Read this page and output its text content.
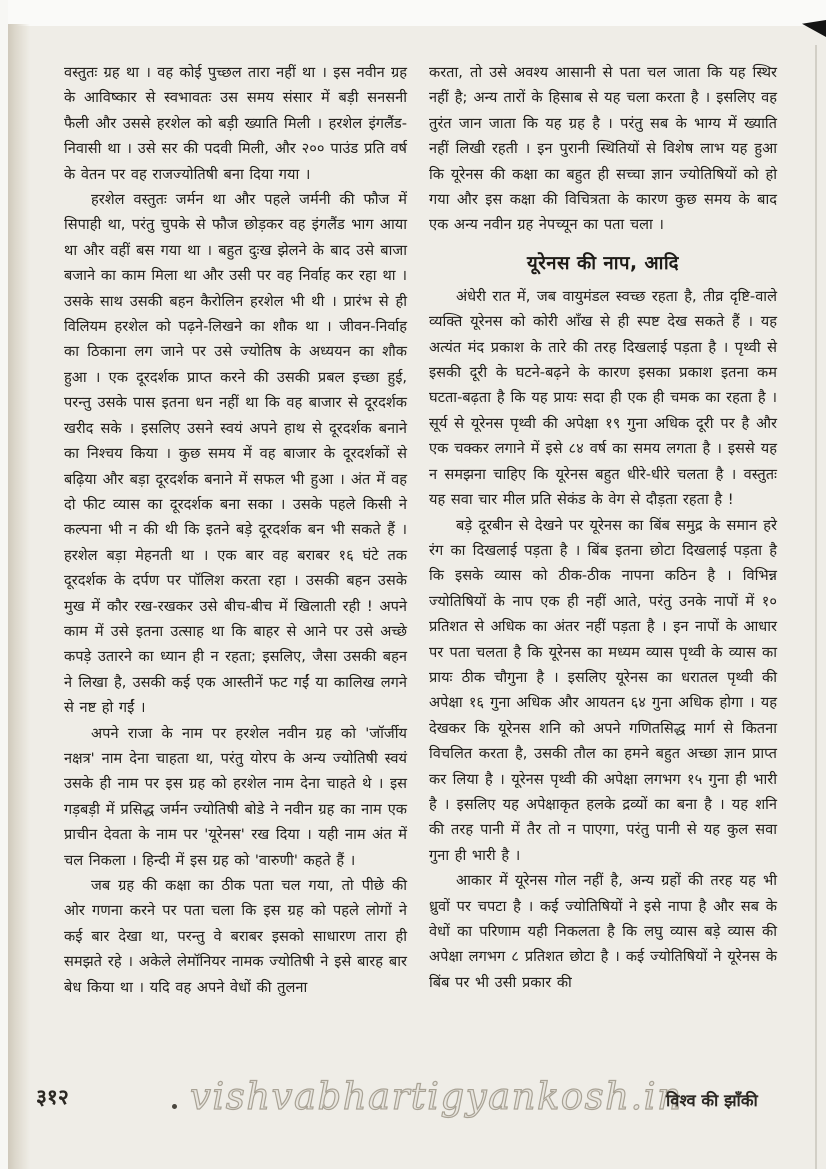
वस्तुतः ग्रह था । वह कोई पुच्छल तारा नहीं था । इस नवीन ग्रह के आविष्कार से स्वभावतः उस समय संसार में बड़ी सनसनी फैली और उससे हरशेल को बड़ी ख्याति मिली । हरशेल इंगलैंड-निवासी था । उसे सर की पदवी मिली, और २०० पाउंड प्रति वर्ष के वेतन पर वह राजज्योतिषी बना दिया गया ।

हरशेल वस्तुतः जर्मन था और पहले जर्मनी की फौज में सिपाही था, परंतु चुपके से फौज छोड़कर वह इंगलैंड भाग आया था और वहीं बस गया था । बहुत दुःख झेलने के बाद उसे बाजा बजाने का काम मिला था और उसी पर वह निर्वाह कर रहा था । उसके साथ उसकी बहन कैरोलिन हरशेल भी थी । प्रारंभ से ही विलियम हरशेल को पढ़ने-लिखने का शौक था । जीवन-निर्वाह का ठिकाना लग जाने पर उसे ज्योतिष के अध्ययन का शौक हुआ । एक दूरदर्शक प्राप्त करने की उसकी प्रबल इच्छा हुई, परन्तु उसके पास इतना धन नहीं था कि वह बाजार से दूरदर्शक खरीद सके । इसलिए उसने स्वयं अपने हाथ से दूरदर्शक बनाने का निश्चय किया । कुछ समय में वह बाजार के दूरदर्शकों से बढ़िया और बड़ा दूरदर्शक बनाने में सफल भी हुआ । अंत में वह दो फीट व्यास का दूरदर्शक बना सका । उसके पहले किसी ने कल्पना भी न की थी कि इतने बड़े दूरदर्शक बन भी सकते हैं । हरशेल बड़ा मेहनती था । एक बार वह बराबर १६ घंटे तक दूरदर्शक के दर्पण पर पॉलिश करता रहा । उसकी बहन उसके मुख में कौर रख-रखकर उसे बीच-बीच में खिलाती रही ! अपने काम में उसे इतना उत्साह था कि बाहर से आने पर उसे अच्छे कपड़े उतारने का ध्यान ही न रहता; इसलिए, जैसा उसकी बहन ने लिखा है, उसकी कई एक आस्तीनें फट गईं या कालिख लगने से नष्ट हो गईं ।

अपने राजा के नाम पर हरशेल नवीन ग्रह को 'जॉर्जीय नक्षत्र' नाम देना चाहता था, परंतु योरप के अन्य ज्योतिषी स्वयं उसके ही नाम पर इस ग्रह को हरशेल नाम देना चाहते थे । इस गड़बड़ी में प्रसिद्ध जर्मन ज्योतिषी बोडे ने नवीन ग्रह का नाम एक प्राचीन देवता के नाम पर 'यूरेनस' रख दिया । यही नाम अंत में चल निकला । हिन्दी में इस ग्रह को 'वारुणी' कहते हैं ।

जब ग्रह की कक्षा का ठीक पता चल गया, तो पीछे की ओर गणना करने पर पता चला कि इस ग्रह को पहले लोगों ने कई बार देखा था, परन्तु वे बराबर इसको साधारण तारा ही समझते रहे । अकेले लेमॉनियर नामक ज्योतिषी ने इसे बारह बार बेध किया था । यदि वह अपने वेधों की तुलना

करता, तो उसे अवश्य आसानी से पता चल जाता कि यह स्थिर नहीं है; अन्य तारों के हिसाब से यह चला करता है । इसलिए वह तुरंत जान जाता कि यह ग्रह है । परंतु सब के भाग्य में ख्याति नहीं लिखी रहती । इन पुरानी स्थितियों से विशेष लाभ यह हुआ कि यूरेनस की कक्षा का बहुत ही सच्चा ज्ञान ज्योतिषियों को हो गया और इस कक्षा की विचित्रता के कारण कुछ समय के बाद एक अन्य नवीन ग्रह नेपच्यून का पता चला ।

यूरेनस की नाप, आदि

अंधेरी रात में, जब वायुमंडल स्वच्छ रहता है, तीव्र दृष्टि-वाले व्यक्ति यूरेनस को कोरी आँख से ही स्पष्ट देख सकते हैं । यह अत्यंत मंद प्रकाश के तारे की तरह दिखलाई पड़ता है । पृथ्वी से इसकी दूरी के घटने-बढ़ने के कारण इसका प्रकाश इतना कम घटता-बढ़ता है कि यह प्रायः सदा ही एक ही चमक का रहता है । सूर्य से यूरेनस पृथ्वी की अपेक्षा १९ गुना अधिक दूरी पर है और एक चक्कर लगाने में इसे ८४ वर्ष का समय लगता है । इससे यह न समझना चाहिए कि यूरेनस बहुत धीरे-धीरे चलता है । वस्तुतः यह सवा चार मील प्रति सेकंड के वेग से दौड़ता रहता है !

बड़े दूरबीन से देखने पर यूरेनस का बिंब समुद्र के समान हरे रंग का दिखलाई पड़ता है । बिंब इतना छोटा दिखलाई पड़ता है कि इसके व्यास को ठीक-ठीक नापना कठिन है । विभिन्न ज्योतिषियों के नाप एक ही नहीं आते, परंतु उनके नापों में १० प्रतिशत से अधिक का अंतर नहीं पड़ता है । इन नापों के आधार पर पता चलता है कि यूरेनस का मध्यम व्यास पृथ्वी के व्यास का प्रायः ठीक चौगुना है । इसलिए यूरेनस का धरातल पृथ्वी की अपेक्षा १६ गुना अधिक और आयतन ६४ गुना अधिक होगा । यह देखकर कि यूरेनस शनि को अपने गणितसिद्ध मार्ग से कितना विचलित करता है, उसकी तौल का हमने बहुत अच्छा ज्ञान प्राप्त कर लिया है । यूरेनस पृथ्वी की अपेक्षा लगभग १५ गुना ही भारी है । इसलिए यह अपेक्षाकृत हलके द्रव्यों का बना है । यह शनि की तरह पानी में तैर तो न पाएगा, परंतु पानी से यह कुल सवा गुना ही भारी है ।

आकार में यूरेनस गोल नहीं है, अन्य ग्रहों की तरह यह भी ध्रुवों पर चपटा है । कई ज्योतिषियों ने इसे नापा है और सब के वेधों का परिणाम यही निकलता है कि लघु व्यास बड़े व्यास की अपेक्षा लगभग ८ प्रतिशत छोटा है । कई ज्योतिषियों ने यूरेनस के बिंब पर भी उसी प्रकार की

३१२	vishvabhartigyankosh.in
विश्व की झाँकी
